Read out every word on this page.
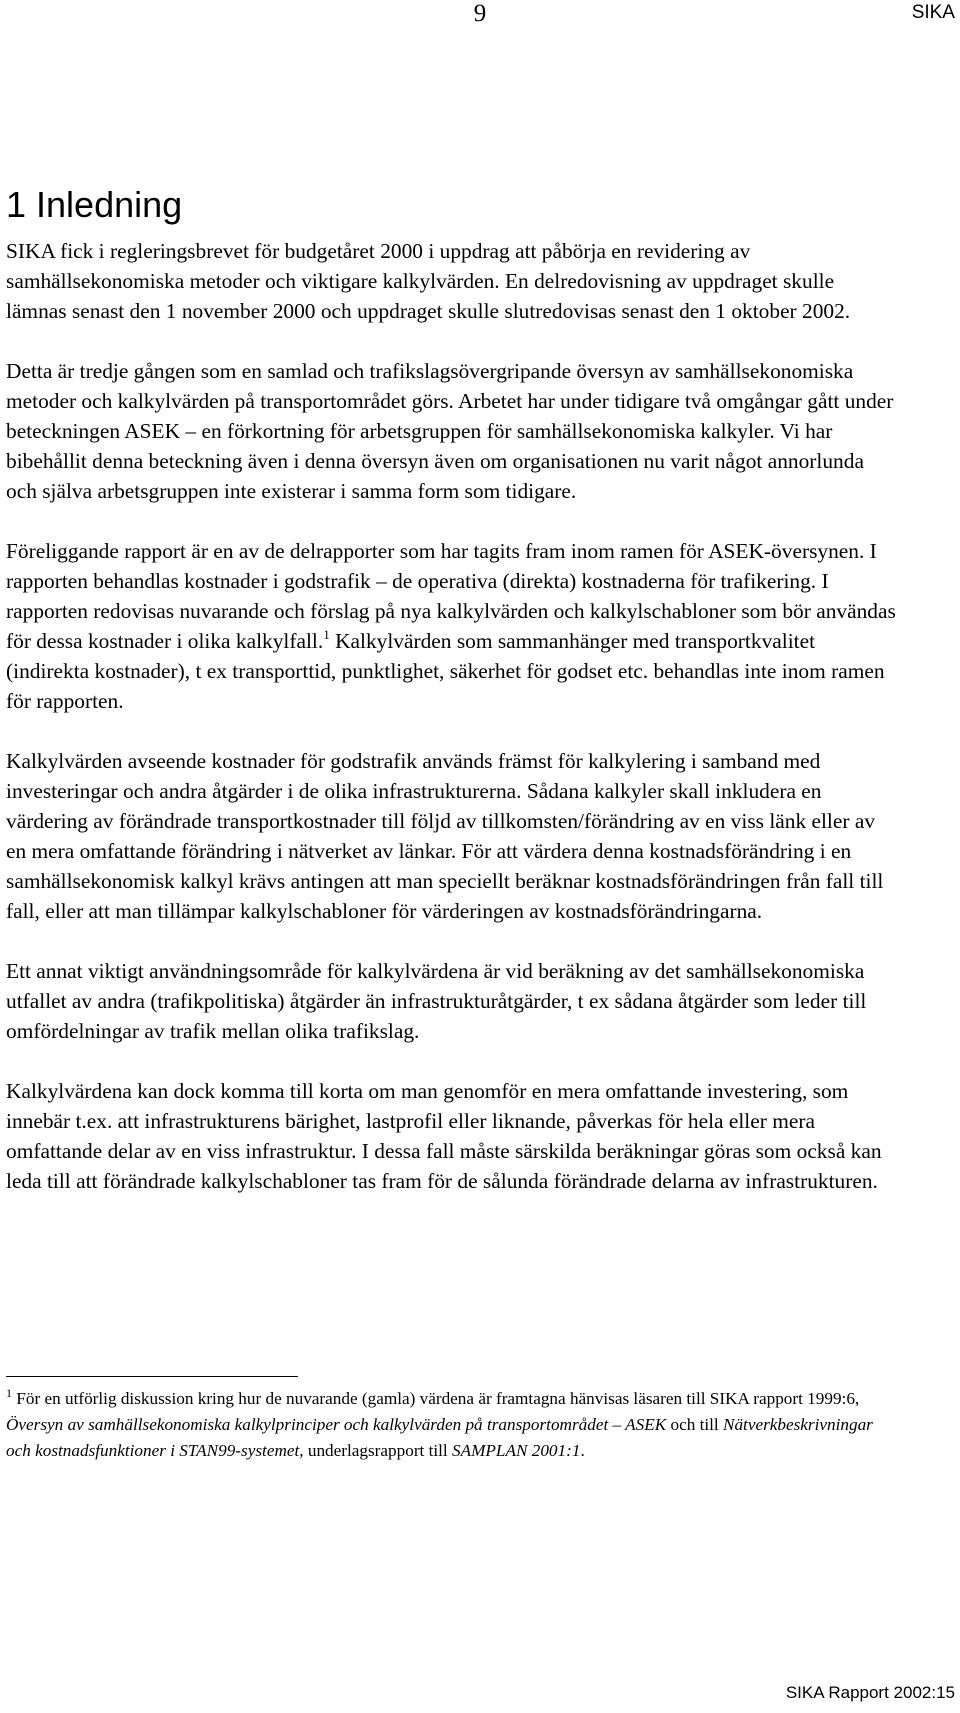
9	SIKA
1 Inledning

SIKA fick i regleringsbrevet för budgetåret 2000 i uppdrag att påbörja en revidering av samhällsekonomiska metoder och viktigare kalkylvärden. En delredovisning av uppdraget skulle lämnas senast den 1 november 2000 och uppdraget skulle slutredovisas senast den 1 oktober 2002.

Detta är tredje gången som en samlad och trafikslagsövergripande översyn av samhällsekonomiska metoder och kalkylvärden på transportområdet görs. Arbetet har under tidigare två omgångar gått under beteckningen ASEK – en förkortning för arbetsgruppen för samhällsekonomiska kalkyler. Vi har bibehållit denna beteckning även i denna översyn även om organisationen nu varit något annorlunda och själva arbetsgruppen inte existerar i samma form som tidigare.

Föreliggande rapport är en av de delrapporter som har tagits fram inom ramen för ASEK-översynen. I rapporten behandlas kostnader i godstrafik – de operativa (direkta) kostnaderna för trafikering. I rapporten redovisas nuvarande och förslag på nya kalkylvärden och kalkylschabloner som bör användas för dessa kostnader i olika kalkylfall.$^1$ Kalkylvärden som sammanhänger med transportkvalitet (indirekta kostnader), t ex transporttid, punktlighet, säkerhet för godset etc. behandlas inte inom ramen för rapporten.

Kalkylvärden avseende kostnader för godstrafik används främst för kalkylering i samband med investeringar och andra åtgärder i de olika infrastrukturerna. Sådana kalkyler skall inkludera en värdering av förändrade transportkostnader till följd av tillkomsten/förändring av en viss länk eller av en mera omfattande förändring i nätverket av länkar. För att värdera denna kostnadsförändring i en samhällsekonomisk kalkyl krävs antingen att man speciellt beräknar kostnadsförändringen från fall till fall, eller att man tillämpar kalkylschabloner för värderingen av kostnadsförändringarna.

Ett annat viktigt användningsområde för kalkylvärdena är vid beräkning av det samhällsekonomiska utfallet av andra (trafikpolitiska) åtgärder än infrastrukturåtgärder, t ex sådana åtgärder som leder till omfördelningar av trafik mellan olika trafikslag.

Kalkylvärdena kan dock komma till korta om man genomför en mera omfattande investering, som innebär t.ex. att infrastrukturens bärighet, lastprofil eller liknande, påverkas för hela eller mera omfattande delar av en viss infrastruktur. I dessa fall måste särskilda beräkningar göras som också kan leda till att förändrade kalkylschabloner tas fram för de sålunda förändrade delarna av infrastrukturen.

$^1$ För en utförlig diskussion kring hur de nuvarande (gamla) värdena är framtagna hänvisas läsaren till SIKA rapport 1999:6, Översyn av samhällsekonomiska kalkylprinciper och kalkylvärden på transportområdet – ASEK och till Nätverkbeskrivningar och kostnadsfunktioner i STAN99-systemet, underlagsrapport till SAMPLAN 2001:1.

SIKA Rapport 2002:15
